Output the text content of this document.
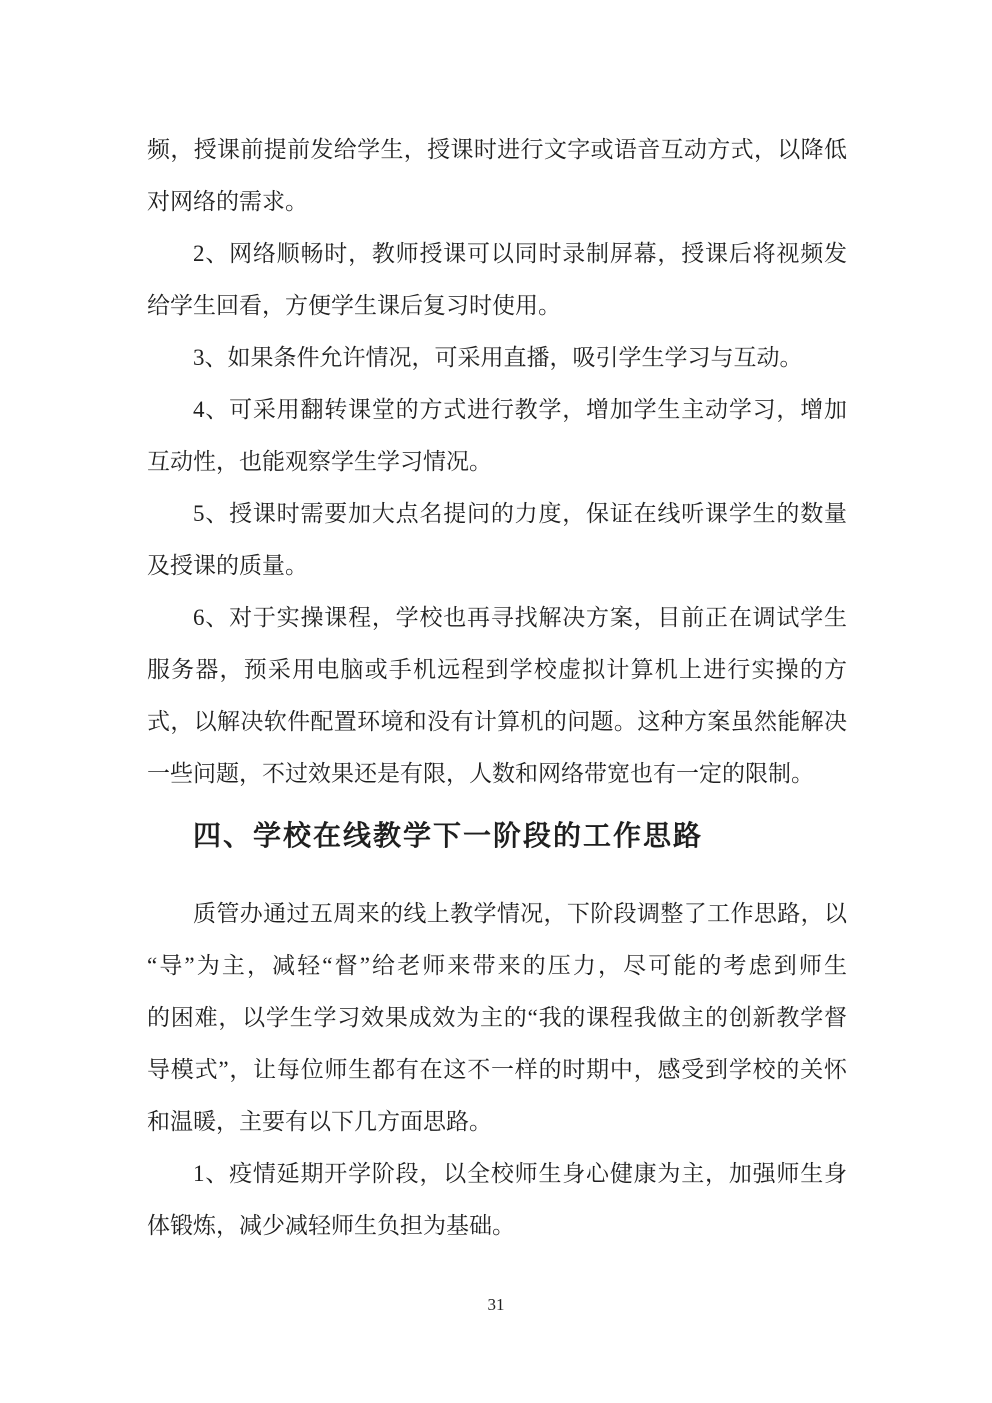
频，授课前提前发给学生，授课时进行文字或语音互动方式，以降低
对网络的需求。
2、网络顺畅时，教师授课可以同时录制屏幕，授课后将视频发
给学生回看，方便学生课后复习时使用。
3、如果条件允许情况，可采用直播，吸引学生学习与互动。
4、可采用翻转课堂的方式进行教学，增加学生主动学习，增加
互动性，也能观察学生学习情况。
5、授课时需要加大点名提问的力度，保证在线听课学生的数量
及授课的质量。
6、对于实操课程，学校也再寻找解决方案，目前正在调试学生
服务器，预采用电脑或手机远程到学校虚拟计算机上进行实操的方
式，以解决软件配置环境和没有计算机的问题。这种方案虽然能解决
一些问题，不过效果还是有限，人数和网络带宽也有一定的限制。
四、学校在线教学下一阶段的工作思路
质管办通过五周来的线上教学情况，下阶段调整了工作思路，以
“导”为主，减轻“督”给老师来带来的压力，尽可能的考虑到师生
的困难，以学生学习效果成效为主的“我的课程我做主的创新教学督
导模式”，让每位师生都有在这不一样的时期中，感受到学校的关怀
和温暖，主要有以下几方面思路。
1、疫情延期开学阶段，以全校师生身心健康为主，加强师生身
体锻炼，减少减轻师生负担为基础。
31
